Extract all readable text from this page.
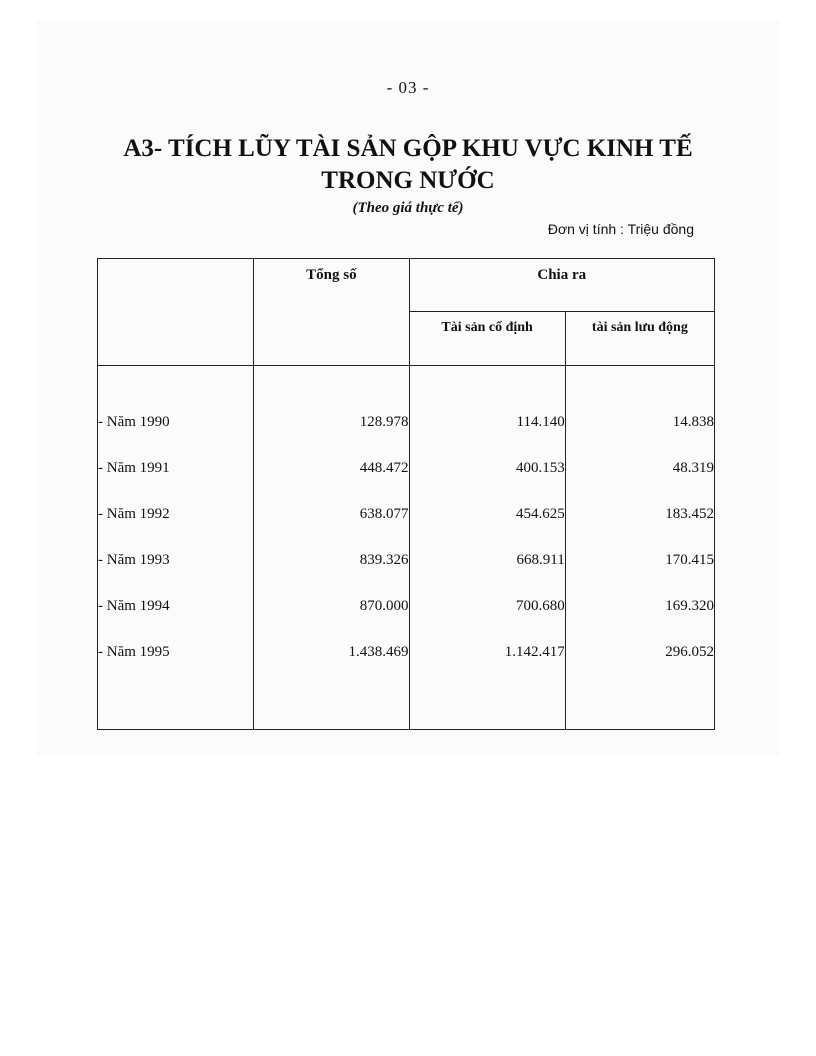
- 03 -
A3- TÍCH LŨY TÀI SẢN GỘP KHU VỰC KINH TẾ
TRONG NƯỚC
(Theo giá thực tế)
Đơn vị tính : Triệu đồng
	Tổng số	Chia ra	
		Tài sản cố định	tài sản lưu động

- Năm 1990	128.978	114.140	14.838
- Năm 1991	448.472	400.153	48.319
- Năm 1992	638.077	454.625	183.452
- Năm 1993	839.326	668.911	170.415
- Năm 1994	870.000	700.680	169.320
- Năm 1995	1.438.469	1.142.417	296.052
